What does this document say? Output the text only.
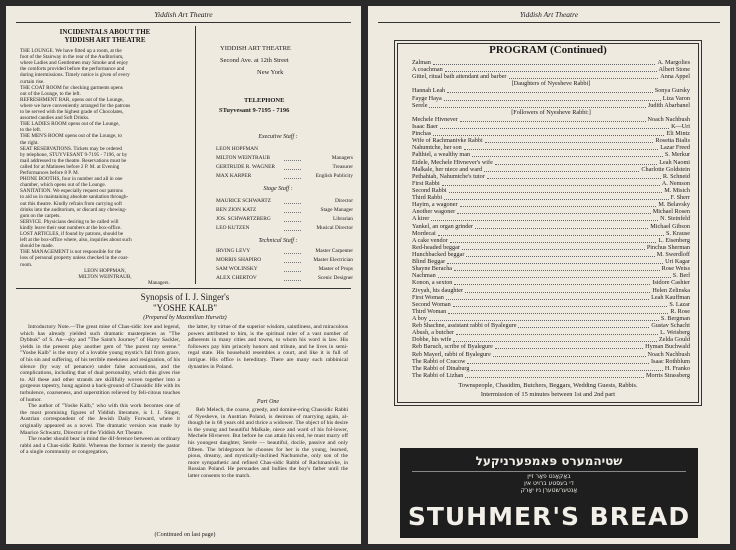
Yiddish Art Theatre
INCIDENTALS ABOUT THE
YIDDISH ART THEATRE
THE LOUNGE. We have fitted up a room, at the
foot of the Stairway in the rear of the Auditorium,
where Ladies and Gentlemen may Smoke and enjoy
the comforts provided before the performance and
during intermissions. Timely notice is given of every
curtain rise.
THE COAT ROOM for checking garments opens
out of the Lounge, to the left.
REFRESHMENT BAR, opens out of the Lounge,
where we have conveniently arranged for the patrons
to be served with the highest grade of Chocolates,
assorted candies and Soft Drinks.
THE LADIES ROOM opens out of the Lounge,
to the left.
THE MEN'S ROOM opens out of the Lounge, to
the right.
SEAT RESERVATIONS. Tickets may be ordered
by telephone, STUYVESANT 9-7195 - 7196, or by
mail addressed to the theatre. Reservations must be
called for at Matinees before 2 P. M. at Evening
Performances before 8 P. M.
PHONE BOOTHS, four in number and all in one
chamber, which opens out of the Lounge.
SANITATION. We especially request our patrons
to aid us in maintaining absolute sanitation through-
out this theatre. Kindly refrain from carrying soft
drinks into the auditorium, or discard any chewing-
gum on the carpets.
SERVICE. Physicians desiring to be called will
kindly leave their seat numbers at the box-office.
LOST ARTICLES, if found by patrons, should be
left at the box-office where, also, inquiries about such
should be made.
THE MANAGEMENT is not responsible for the
loss of personal property unless checked in the coat-
room.
LEON HOPPMAN,
MILTON WEINTRAUB,
Managers.
YIDDISH ART THEATRE
Second Ave. at 12th Street
New York
TELEPHONE
STuyvesant 9-7195 - 7196
Executive Staff :
LEON HOPFMAN
MILTON WEINTRAUB	Managers
GERTRUDE R. WAGNER	Treasurer
MAX KARPER	English Publicity
Stage Staff :
MAURICE SCHWARTZ	Director
BEN ZION KATZ	Stage Manager
JOS. SCHWARTZBERG	Librarian
LEO KUTZEN	Musical Director
Technical Staff :
IRVING LEVY	Master Carpenter
MORRIS SHAPIRO	Master Electrician
SAM WOLINSKY	Master of Props
ALEX CHERTOV	Scenic Designer
Synopsis of I. J. Singer's
"YOSHE KALB"
(Prepared by Maximilian Hurwitz)
Introductory Note.—The great mine of Chas-sidic lore and legend, which has already yielded such dramatic masterpieces as "The Dybbuk" of S. An—sky and "The Saint's Journey" of Harry Sackler, yields in the present play another gem of "the purest ray serene." "Yoshe Kalb" is the story of a lovable young mystic's fall from grace, of his sin and suffering, of his terrible meekness and resignation, of his silence (by way of penance) under false accusations, and the complications, including that of dual personality, which this gives rise to. All these and other strands are skillfully woven together into a gorgeous tapestry, hung against a back-ground of Chassidic life with its turbulence, coarseness, and superstition relieved by feli-citous touches of humor.
The author of "Yoshe Kalb," who with this work becomes one of the most promising figures of Yiddish literature, is I. J. Singer, Austrian correspondent of the Jewish Daily Forward, where it originally appeared as a novel. The dramatic version was made by Maurice Schwartz, Director of the Yiddish Art Theatre.
The reader should bear in mind the dif-ference between an ordinary rabbi and a Chas-sidic Rabbi. Whereas the former is merely the pastor of a single community or congregation,
the latter, by virtue of the superior wisdom, saintliness, and miraculous powers attributed to him, is the spiritual ruler of a vast number of adherents in many cities and towns, to whom his word is law. His followers pay him princely honors and tribute, and he lives in semi-regal state. His household resembles a court, and like it is full of intrigue. His office is hereditary. There are many such rabbinical dynasties in Poland.
Part One
Reb Melech, the coarse, greedy, and domine-ering Chassidic Rabbi of Nyesheve, in Austrian Poland, is desirous of marrying again, al-though he is 68 years old and thrice a widower. The object of his desire is the young and beautiful Malkale, niece and ward of his fol-lower, Mechele Hivnever. But before he can attain his end, he must marry off his youngest daughter, Serele — beautiful, docile, passive and only fifteen. The bridegroom he chooses for her is the young, learned, pious, dreamy, and mystically-inclined Nachumche, only son of the more sympathetic and refined Chas-sidic Rabbi of Rachmanivke, in Russian Poland. He persuades and bullies the boy's father until the latter consents to the match.
(Continued on last page)
Yiddish Art Theatre
PROGRAM (Continued)
Zalman	A. Margolies
A coachman	Albert Stone
Gittel, ritual bath attendant and barber	Anna Appel
[Daughters of Nyesheve Rabbi]
Hannah Leah	Sonya Gursky
Fayge Haya	Liza Varon
Serele	Judith Abarbanel
[Followers of Nyesheve Rabbi:]
Mechele Hivnever	Noach Nachbush
Isaac Baer	K—Uri
Pinchas	Eli Mintz
Wife of Rachmanivke Rabbi	Rosetta Bialis
Nahumtche, her son	Lazar Freed
Palthiel, a wealthy man	S. Merkur
Eidele, Mechele Hivnever's wife	Leah Naomi
Malkale, her niece and ward	Charlotte Goldstein
Pethahiah, Nahumtche's tutor	R. Schneid
First Rabbi	A. Nemson
Second Rabbi	M. Misich
Third Rabbi	F. Sherr
Hayim, a wagoner	M. Belavsky
Another wagoner	Michael Rosen
A kirer	N. Steinfeld
Yankel, an organ grinder	Michael Gibson
Mordecai	S. Krause
A cake vendor	L. Eisenberg
Red-headed beggar	Pinchus Sherman
Hunchbacked beggar	M. Swerdloff
Blind Beggar	Uri Kagar
Shayne Beracha	Rose Weiss
Nachman	S. Berl
Konon, a sexton	Isidore Cashier
Zivyah, his daughter	Helen Zelinska
First Woman	Leah Kauffman
Second Woman	S. Lazar
Third Woman	R. Rose
A boy	S. Bergman
Reb Shachne, assistant rabbi of Byalegure	Gustav Schacht
Abush, a butcher	L. Weisberg
Dobbe, his wife	Zelda Gould
Reb Baruch, scribe of Byalegure	Hyman Buchwald
Reb Mayerl, rabbi of Byalegure	Noach Nachbush
The Rabbi of Cracow	Isaac Rothblum
The Rabbi of Dinaburg	H. Franko
The Rabbi of Lizhan	Morris Strassberg
Townspeople, Chasidim, Butchers, Beggars, Wedding Guests, Rabbis.
Intermission of 15 minutes between 1st and 2nd part
שטיהמערס פּאמפערניקעל
באַקאַנט פאַר זיין
די בעסטע ברויט אין
אַנטערשטערן ניו יאָרק
STUHMER'S BREAD
